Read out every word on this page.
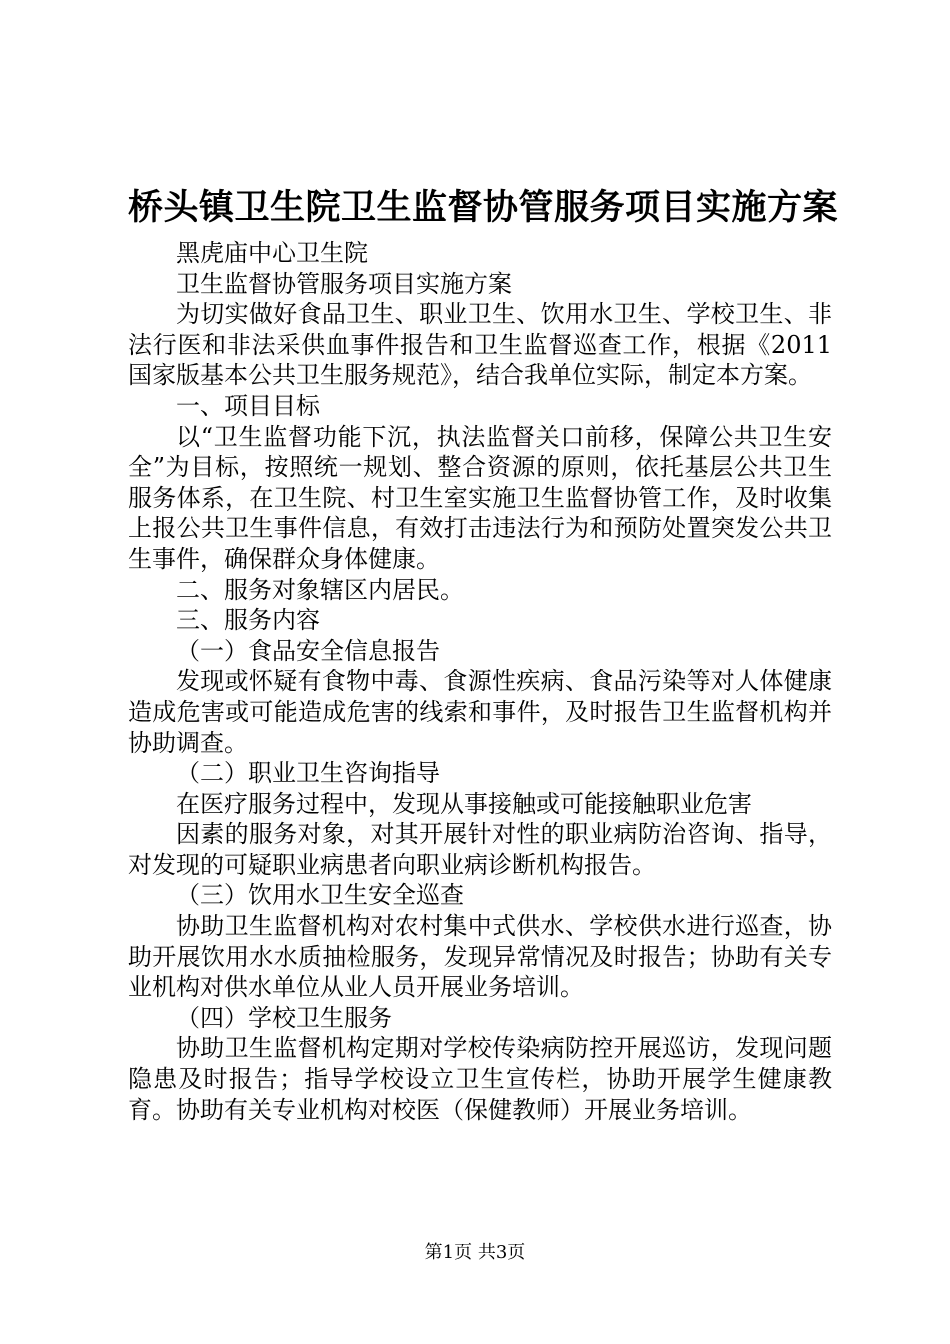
桥头镇卫生院卫生监督协管服务项目实施方案

黑虎庙中心卫生院

卫生监督协管服务项目实施方案

为切实做好食品卫生、职业卫生、饮用水卫生、学校卫生、非法行医和非法采供血事件报告和卫生监督巡查工作，根据《2011国家版基本公共卫生服务规范》，结合我单位实际，制定本方案。

一、项目目标

以“卫生监督功能下沉，执法监督关口前移，保障公共卫生安全”为目标，按照统一规划、整合资源的原则，依托基层公共卫生服务体系，在卫生院、村卫生室实施卫生监督协管工作，及时收集上报公共卫生事件信息，有效打击违法行为和预防处置突发公共卫生事件，确保群众身体健康。

二、服务对象辖区内居民。

三、服务内容

（一）食品安全信息报告

发现或怀疑有食物中毒、食源性疾病、食品污染等对人体健康造成危害或可能造成危害的线索和事件，及时报告卫生监督机构并协助调查。

（二）职业卫生咨询指导

在医疗服务过程中，发现从事接触或可能接触职业危害

因素的服务对象，对其开展针对性的职业病防治咨询、指导，对发现的可疑职业病患者向职业病诊断机构报告。

（三）饮用水卫生安全巡查

协助卫生监督机构对农村集中式供水、学校供水进行巡查，协助开展饮用水水质抽检服务，发现异常情况及时报告；协助有关专业机构对供水单位从业人员开展业务培训。

（四）学校卫生服务

协助卫生监督机构定期对学校传染病防控开展巡访，发现问题隐患及时报告；指导学校设立卫生宣传栏，协助开展学生健康教育。协助有关专业机构对校医（保健教师）开展业务培训。

第1页 共3页
